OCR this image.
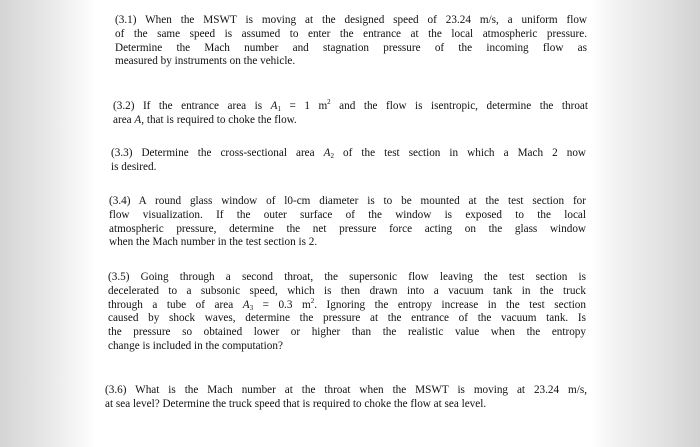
(3.1) When the MSWT is moving at the designed speed of 23.24 m/s, a uniform flow
of the same speed is assumed to enter the entrance at the local atmospheric pressure.
Determine the Mach number and stagnation pressure of the incoming flow as
measured by instruments on the vehicle.

(3.2) If the entrance area is $A_1 = 1$ $m^2$ and the flow is isentropic, determine the throat
area A, that is required to choke the flow.

(3.3) Determine the cross-sectional area $A_2$ of the test section in which a Mach 2 now
is desired.

(3.4) A round glass window of l0-cm diameter is to be mounted at the test section for
flow visualization. If the outer surface of the window is exposed to the local
atmospheric pressure, determine the net pressure force acting on the glass window
when the Mach number in the test section is 2.

(3.5) Going through a second throat, the supersonic flow leaving the test section is
decelerated to a subsonic speed, which is then drawn into a vacuum tank in the truck
through a tube of area $A_3 = 0.3$ $m^2$. Ignoring the entropy increase in the test section
caused by shock waves, determine the pressure at the entrance of the vacuum tank. Is
the pressure so obtained lower or higher than the realistic value when the entropy
change is included in the computation?

(3.6) What is the Mach number at the throat when the MSWT is moving at 23.24 m/s,
at sea level? Determine the truck speed that is required to choke the flow at sea level.
